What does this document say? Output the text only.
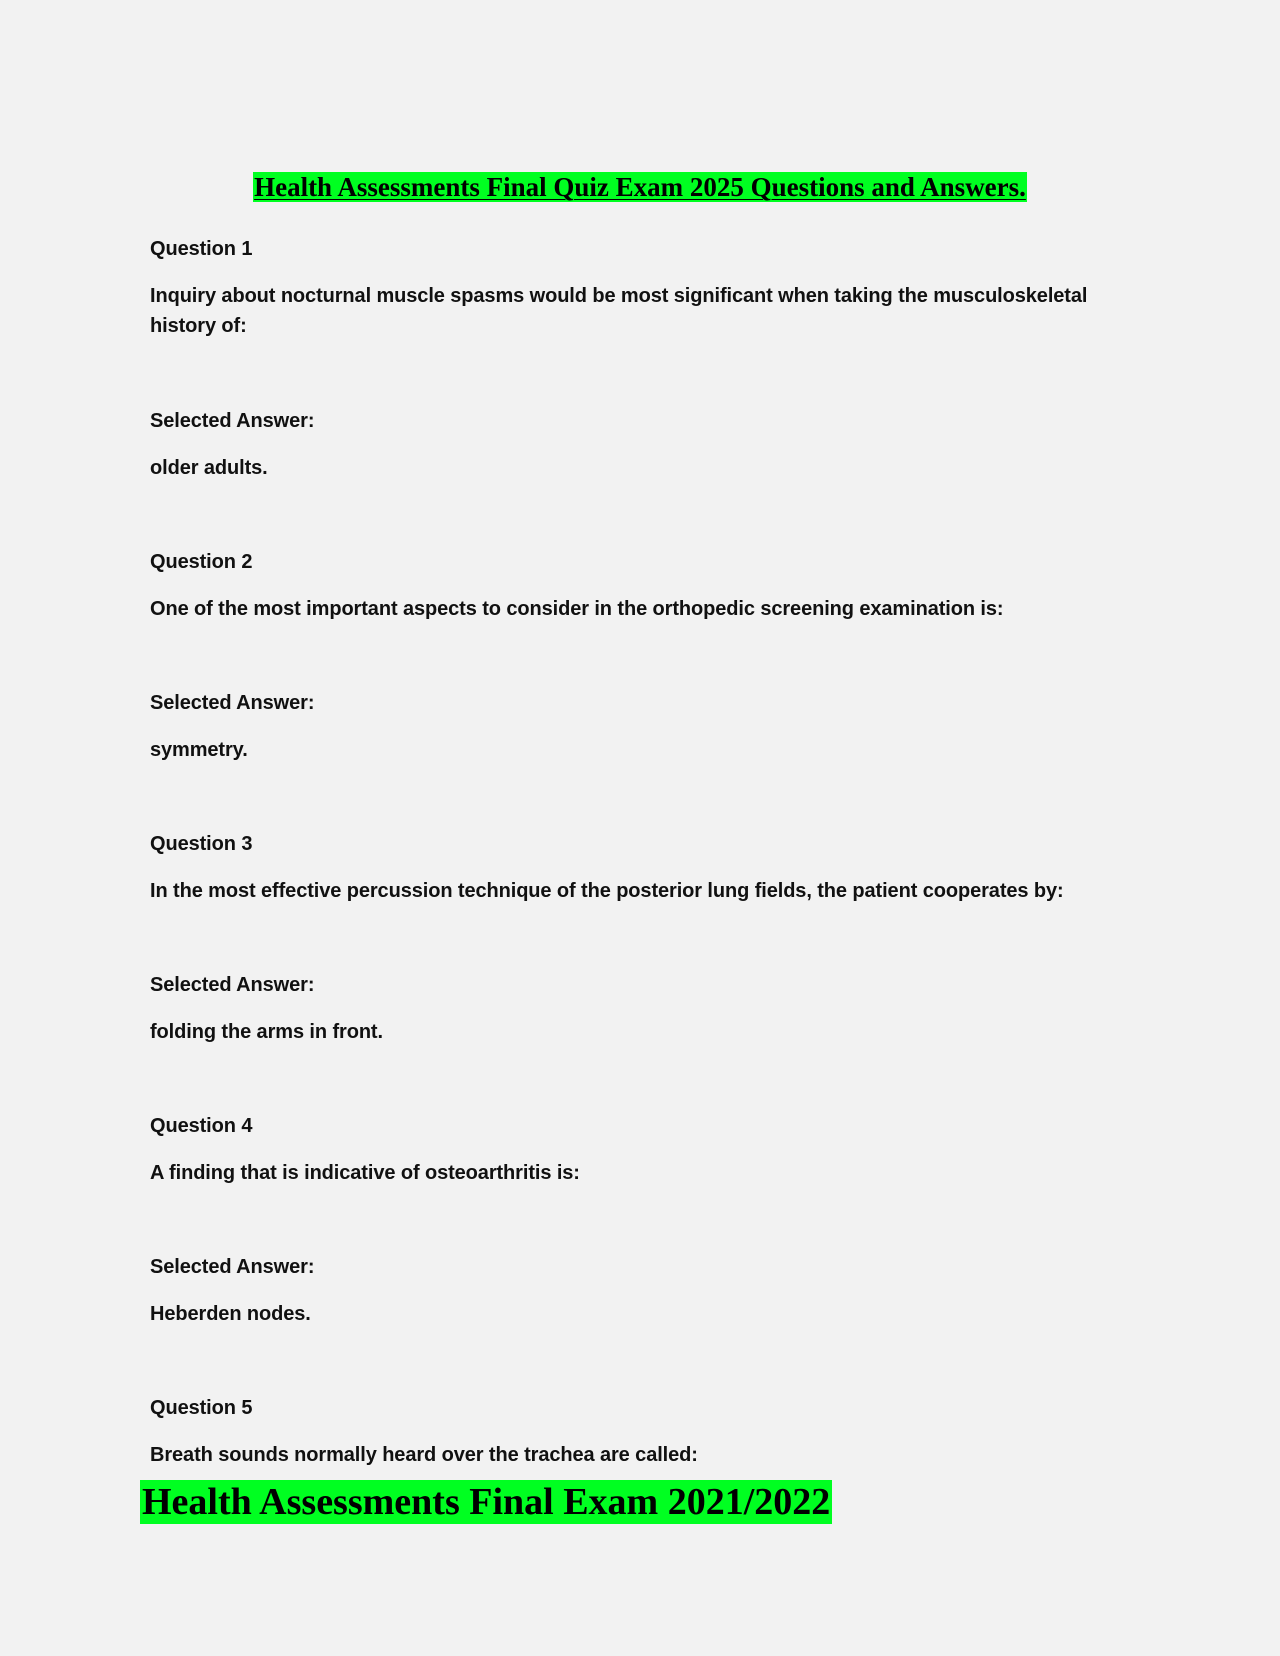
Health Assessments Final Quiz Exam 2025 Questions and Answers.

Question 1

Inquiry about nocturnal muscle spasms would be most significant when taking the musculoskeletal history of:

Selected Answer:

older adults.

Question 2

One of the most important aspects to consider in the orthopedic screening examination is:

Selected Answer:

symmetry.

Question 3

In the most effective percussion technique of the posterior lung fields, the patient cooperates by:

Selected Answer:

folding the arms in front.

Question 4

A finding that is indicative of osteoarthritis is:

Selected Answer:

Heberden nodes.

Question 5

Breath sounds normally heard over the trachea are called:

Health Assessments Final Exam 2021/2022
